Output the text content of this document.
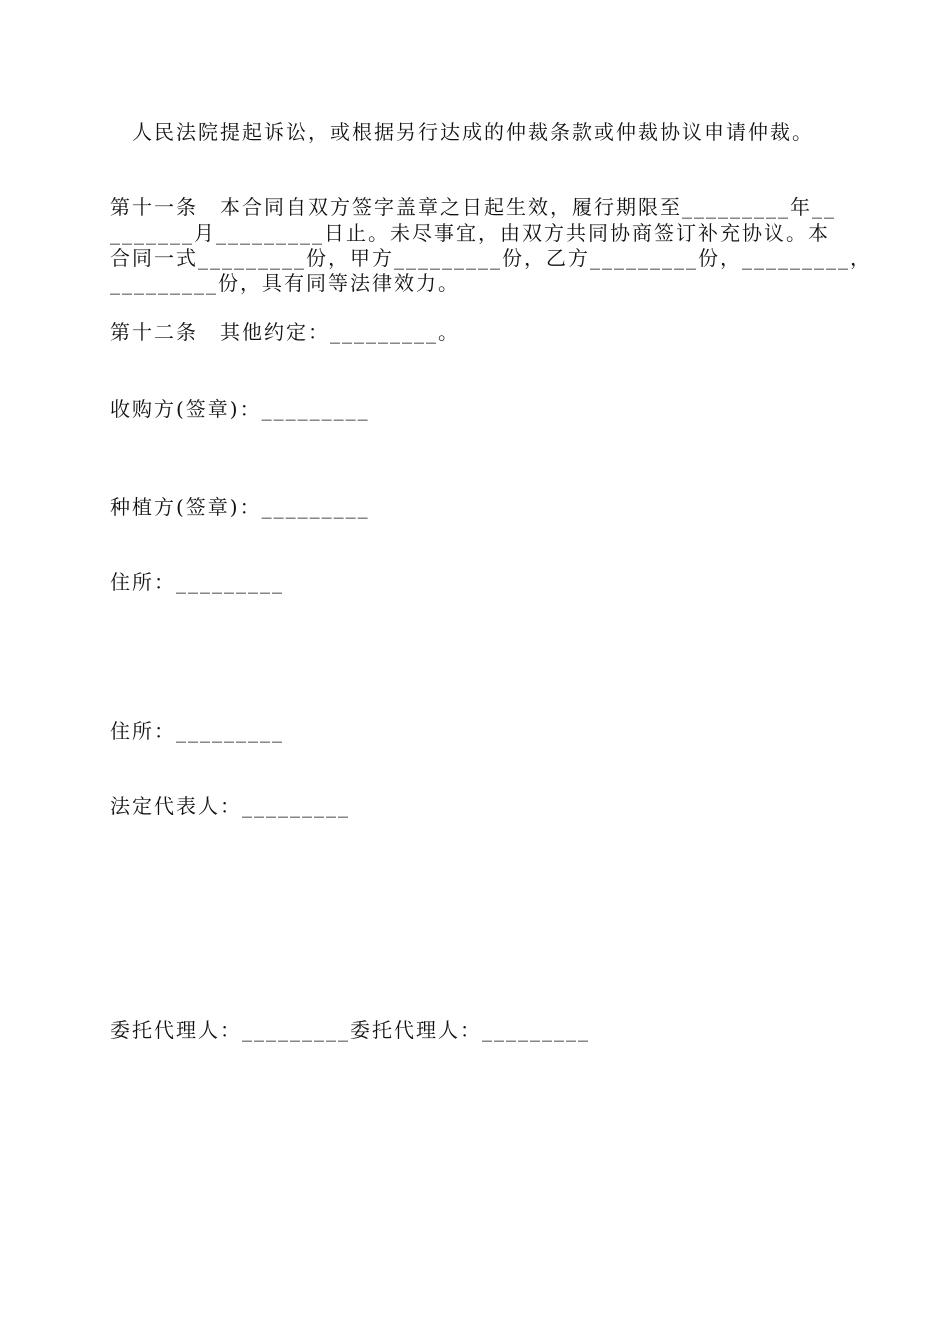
人民法院提起诉讼，或根据另行达成的仲裁条款或仲裁协议申请仲裁。
第十一条　本合同自双方签字盖章之日起生效，履行期限至_________年__
_______月_________日止。未尽事宜，由双方共同协商签订补充协议。本
合同一式_________份，甲方_________份，乙方_________份，_________，
_________份，具有同等法律效力。
第十二条　其他约定：_________。
收购方(签章)：_________
种植方(签章)：_________
住所：_________
住所：_________
法定代表人：_________
委托代理人：_________委托代理人：_________
